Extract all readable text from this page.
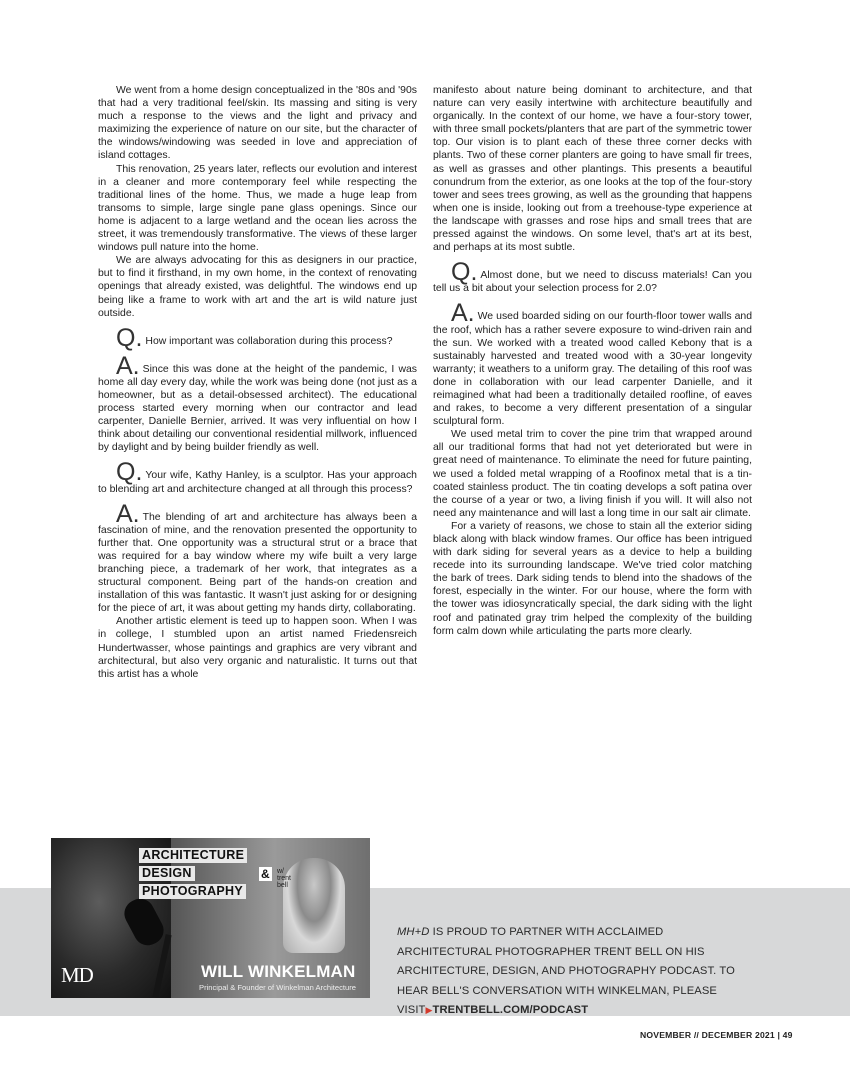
We went from a home design conceptualized in the '80s and '90s that had a very traditional feel/skin. Its massing and siting is very much a response to the views and the light and privacy and maximizing the experience of nature on our site, but the character of the windows/windowing was seeded in love and appreciation of island cottages.

This renovation, 25 years later, reflects our evolution and interest in a cleaner and more contemporary feel while respecting the traditional lines of the home. Thus, we made a huge leap from transoms to simple, large single pane glass openings. Since our home is adjacent to a large wetland and the ocean lies across the street, it was tremendously transformative. The views of these larger windows pull nature into the home.

We are always advocating for this as designers in our practice, but to find it firsthand, in my own home, in the context of renovating openings that already existed, was delightful. The windows end up being like a frame to work with art and the art is wild nature just outside.

Q. How important was collaboration during this process?

A. Since this was done at the height of the pandemic, I was home all day every day, while the work was being done (not just as a homeowner, but as a detail-obsessed architect). The educational process started every morning when our contractor and lead carpenter, Danielle Bernier, arrived. It was very influential on how I think about detailing our conventional residential millwork, influenced by daylight and by being builder friendly as well.

Q. Your wife, Kathy Hanley, is a sculptor. Has your approach to blending art and architecture changed at all through this process?

A. The blending of art and architecture has always been a fascination of mine, and the renovation presented the opportunity to further that. One opportunity was a structural strut or a brace that was required for a bay window where my wife built a very large branching piece, a trademark of her work, that integrates as a structural component. Being part of the hands-on creation and installation of this was fantastic. It wasn't just asking for or designing for the piece of art, it was about getting my hands dirty, collaborating.

Another artistic element is teed up to happen soon. When I was in college, I stumbled upon an artist named Friedensreich Hundertwasser, whose paintings and graphics are very vibrant and architectural, but also very organic and naturalistic. It turns out that this artist has a whole

manifesto about nature being dominant to architecture, and that nature can very easily intertwine with architecture beautifully and organically. In the context of our home, we have a four-story tower, with three small pockets/planters that are part of the symmetric tower top. Our vision is to plant each of these three corner decks with plants. Two of these corner planters are going to have small fir trees, as well as grasses and other plantings. This presents a beautiful conundrum from the exterior, as one looks at the top of the four-story tower and sees trees growing, as well as the grounding that happens when one is inside, looking out from a treehouse-type experience at the landscape with grasses and rose hips and small trees that are pressed against the windows. On some level, that's art at its best, and perhaps at its most subtle.

Q. Almost done, but we need to discuss materials! Can you tell us a bit about your selection process for 2.0?

A. We used boarded siding on our fourth-floor tower walls and the roof, which has a rather severe exposure to wind-driven rain and the sun. We worked with a treated wood called Kebony that is a sustainably harvested and treated wood with a 30-year longevity warranty; it weathers to a uniform gray. The detailing of this roof was done in collaboration with our lead carpenter Danielle, and it reimagined what had been a traditionally detailed roofline, of eaves and rakes, to become a very different presentation of a singular sculptural form.

We used metal trim to cover the pine trim that wrapped around all our traditional forms that had not yet deteriorated but were in great need of maintenance. To eliminate the need for future painting, we used a folded metal wrapping of a Roofinox metal that is a tin-coated stainless product. The tin coating develops a soft patina over the course of a year or two, a living finish if you will. It will also not need any maintenance and will last a long time in our salt air climate.

For a variety of reasons, we chose to stain all the exterior siding black along with black window frames. Our office has been intrigued with dark siding for several years as a device to help a building recede into its surrounding landscape. We've tried color matching the bark of trees. Dark siding tends to blend into the shadows of the forest, especially in the winter. For our house, where the form with the tower was idiosyncratically special, the dark siding with the light roof and patinated gray trim helped the complexity of the building form calm down while articulating the parts more clearly.

ARCHITECTURE
DESIGN
PHOTOGRAPHY
& w/ trent bell
MD	WILL WINKELMAN
Principal & Founder of Winkelman Architecture
MH+D IS PROUD TO PARTNER WITH ACCLAIMED ARCHITECTURAL PHOTOGRAPHER TRENT BELL ON HIS ARCHITECTURE, DESIGN, AND PHOTOGRAPHY PODCAST. TO HEAR BELL'S CONVERSATION WITH WINKELMAN, PLEASE VISIT▶TRENTBELL.COM/PODCAST
NOVEMBER // DECEMBER 2021 | 49
